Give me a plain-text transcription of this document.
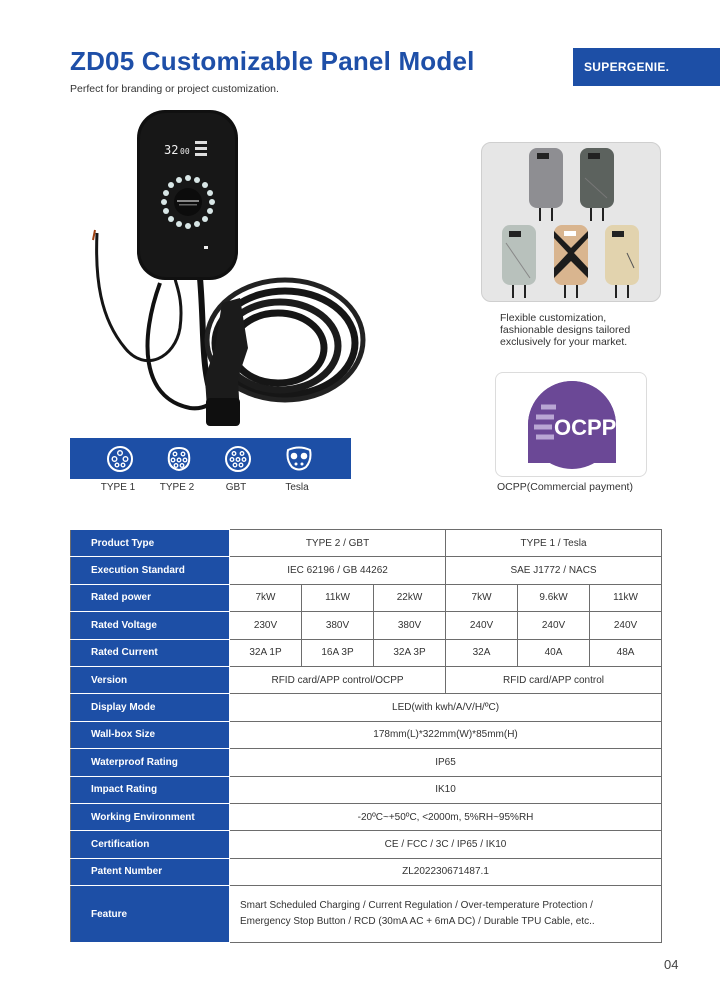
ZD05 Customizable Panel Model
Perfect for branding or project customization.
SUPERGENIE.
32 00
TYPE 1	TYPE 2	GBT	Tesla
Flexible customization, fashionable designs tailored exclusively for your market.
OCPP
OCPP(Commercial payment)
Product Type	TYPE 2 / GBT			TYPE 1 / Tesla		
Execution Standard	IEC 62196 / GB 44262			SAE J1772 / NACS		
Rated power	7kW	11kW	22kW	7kW	9.6kW	11kW
Rated Voltage	230V	380V	380V	240V	240V	240V
Rated Current	32A 1P	16A 3P	32A 3P	32A	40A	48A
Version	RFID card/APP control/OCPP			RFID card/APP control		
Display Mode	LED(with kwh/A/V/H/ºC)					
Wall-box Size	178mm(L)*322mm(W)*85mm(H)					
Waterproof Rating	IP65					
Impact Rating	IK10					
Working Environment	-20ºC~+50ºC, <2000m, 5%RH~95%RH					
Certification	CE / FCC / 3C / IP65 / IK10					
Patent Number	ZL202230671487.1					
Feature	Smart Scheduled Charging / Current Regulation / Over-temperature Protection /
Emergency Stop Button / RCD (30mA AC + 6mA DC) / Durable TPU Cable, etc..					
04
